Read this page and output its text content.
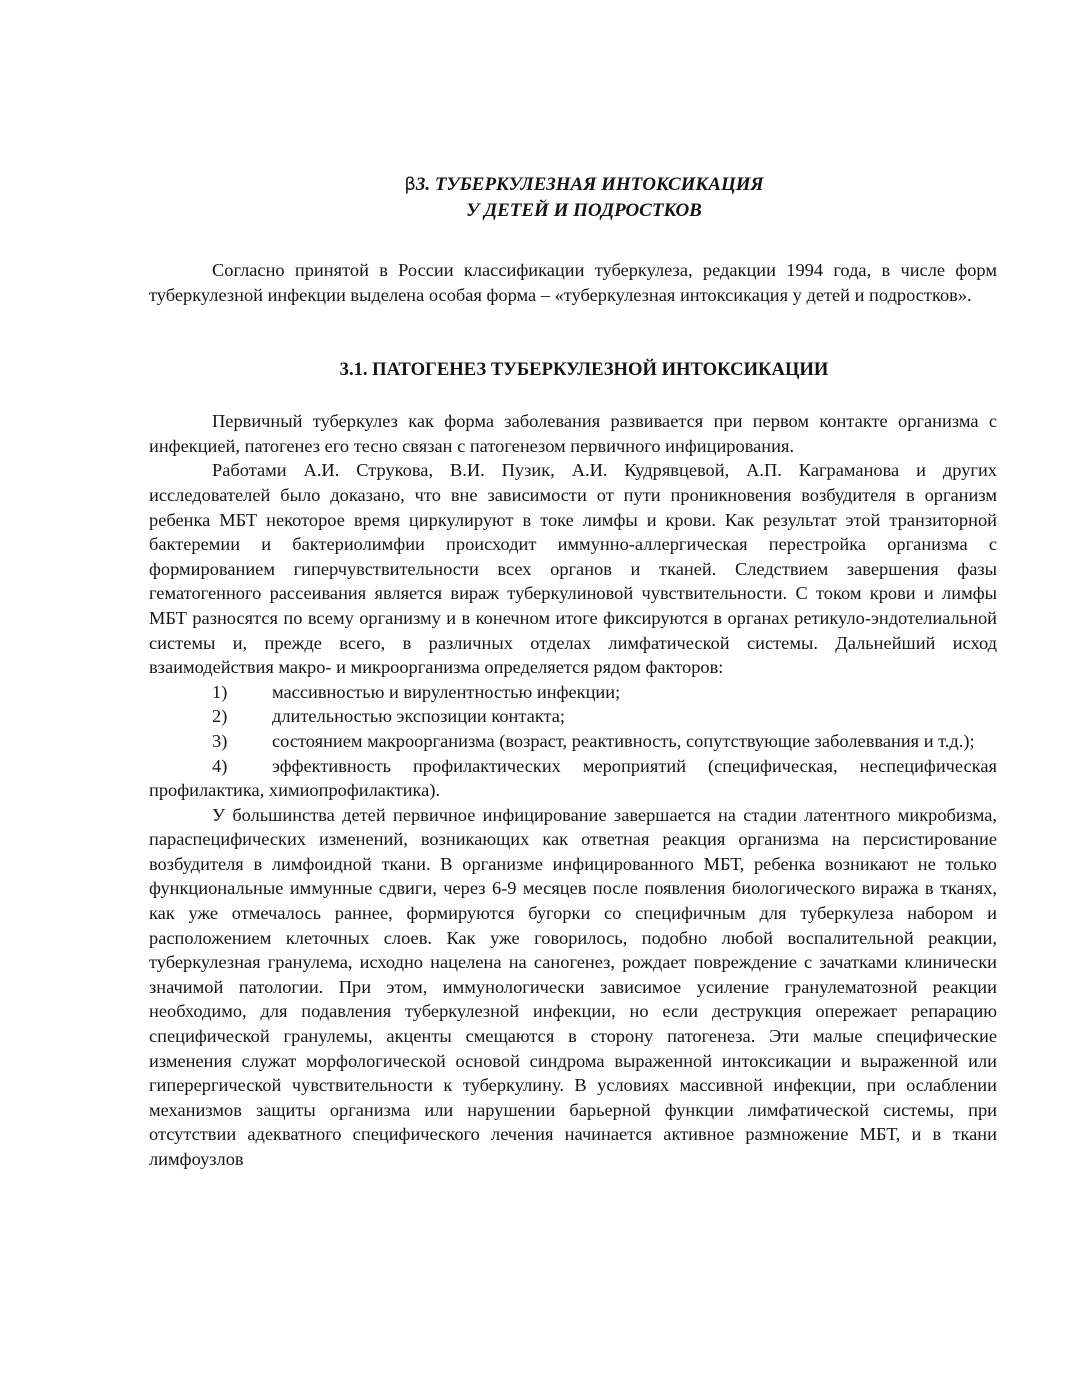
β3. ТУБЕРКУЛЕЗНАЯ ИНТОКСИКАЦИЯ
У ДЕТЕЙ И ПОДРОСТКОВ

Согласно принятой в России классификации туберкулеза, редакции 1994 года, в числе форм туберкулезной инфекции выделена особая форма – «туберкулезная интоксикация у детей и подростков».

3.1. ПАТОГЕНЕЗ ТУБЕРКУЛЕЗНОЙ ИНТОКСИКАЦИИ

Первичный туберкулез как форма заболевания развивается при первом контакте организма с инфекцией, патогенез его тесно связан с патогенезом первичного инфицирования.

Работами А.И. Струкова, В.И. Пузик, А.И. Кудрявцевой, А.П. Каграманова и других исследователей было доказано, что вне зависимости от пути проникновения возбудителя в организм ребенка МБТ некоторое время циркулируют в токе лимфы и крови. Как результат этой транзиторной бактеремии и бактериолимфии происходит иммунно-аллергическая перестройка организма с формированием гиперчувствительности всех органов и тканей. Следствием завершения фазы гематогенного рассеивания является вираж туберкулиновой чувствительности. С током крови и лимфы МБТ разносятся по всему организму и в конечном итоге фиксируются в органах ретикуло-эндотелиальной системы и, прежде всего, в различных отделах лимфатической системы. Дальнейший исход взаимодействия макро- и микроорганизма определяется рядом факторов:

1) массивностью и вирулентностью инфекции;

2) длительностью экспозиции контакта;

3) состоянием макроорганизма (возраст, реактивность, сопутствующие заболеввания и т.д.);

4) эффективность профилактических мероприятий (специфическая, неспецифическая профилактика, химиопрофилактика).

У большинства детей первичное инфицирование завершается на стадии латентного микробизма, параспецифических изменений, возникающих как ответная реакция организма на персистирование возбудителя в лимфоидной ткани. В организме инфицированного МБТ, ребенка возникают не только функциональные иммунные сдвиги, через 6-9 месяцев после появления биологического виража в тканях, как уже отмечалось раннее, формируются бугорки со специфичным для туберкулеза набором и расположением клеточных слоев. Как уже говорилось, подобно любой воспалительной реакции, туберкулезная гранулема, исходно нацелена на саногенез, рождает повреждение с зачатками клинически значимой патологии. При этом, иммунологически зависимое усиление гранулематозной реакции необходимо, для подавления туберкулезной инфекции, но если деструкция опережает репарацию специфической гранулемы, акценты смещаются в сторону патогенеза. Эти малые специфические изменения служат морфологической основой синдрома выраженной интоксикации и выраженной или гиперергической чувствительности к туберкулину. В условиях массивной инфекции, при ослаблении механизмов защиты организма или нарушении барьерной функции лимфатической системы, при отсутствии адекватного специфического лечения начинается активное размножение МБТ, и в ткани лимфоузлов
